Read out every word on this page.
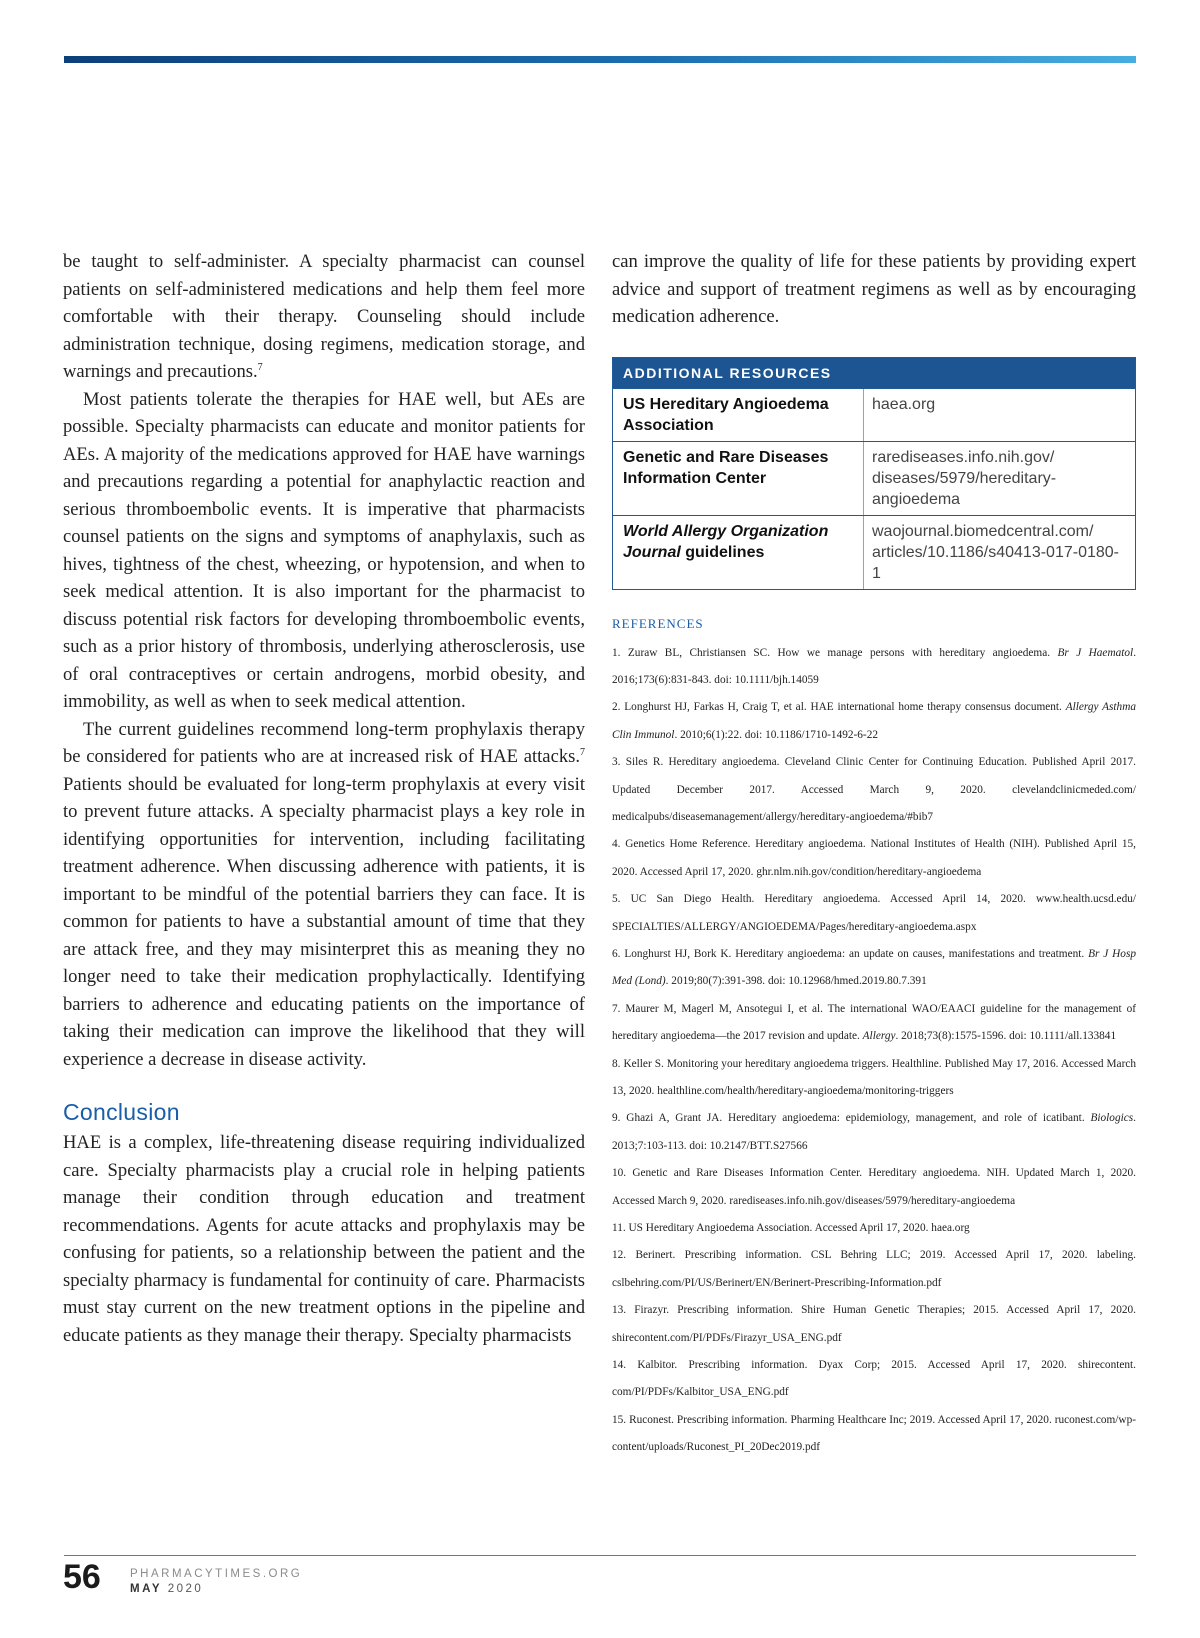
be taught to self-administer. A specialty pharmacist can counsel patients on self-administered medications and help them feel more comfortable with their therapy. Counseling should include administration technique, dosing regimens, medication storage, and warnings and precautions.$^7$

Most patients tolerate the therapies for HAE well, but AEs are possible. Specialty pharmacists can educate and monitor patients for AEs. A majority of the medications approved for HAE have warnings and precautions regarding a potential for anaphylactic reaction and serious thromboembolic events. It is imperative that pharmacists counsel patients on the signs and symptoms of anaphylaxis, such as hives, tightness of the chest, wheezing, or hypotension, and when to seek medical attention. It is also important for the pharmacist to discuss potential risk factors for developing thromboembolic events, such as a prior history of thrombosis, underlying atherosclerosis, use of oral contraceptives or certain androgens, morbid obesity, and immobility, as well as when to seek medical attention.

The current guidelines recommend long-term prophylaxis therapy be considered for patients who are at increased risk of HAE attacks.$^7$ Patients should be evaluated for long-term prophylaxis at every visit to prevent future attacks. A specialty pharmacist plays a key role in identifying opportunities for intervention, including facilitating treatment adherence. When discussing adherence with patients, it is important to be mindful of the potential barriers they can face. It is common for patients to have a substantial amount of time that they are attack free, and they may misinterpret this as meaning they no longer need to take their medication prophylactically. Identifying barriers to adherence and educating patients on the importance of taking their medication can improve the likelihood that they will experience a decrease in disease activity.

Conclusion

HAE is a complex, life-threatening disease requiring individualized care. Specialty pharmacists play a crucial role in helping patients manage their condition through education and treatment recommendations. Agents for acute attacks and prophylaxis may be confusing for patients, so a relationship between the patient and the specialty pharmacy is fundamental for continuity of care. Pharmacists must stay current on the new treatment options in the pipeline and educate patients as they manage their therapy. Specialty pharmacists

can improve the quality of life for these patients by providing expert advice and support of treatment regimens as well as by encouraging medication adherence.

ADDITIONAL RESOURCES
US Hereditary Angioedema Association
haea.org
Genetic and Rare Diseases Information Center
rarediseases.info.nih.gov/ diseases/5979/hereditary-angioedema
World Allergy Organization Journal guidelines
waojournal.biomedcentral.com/ articles/10.1186/s40413-017-0180-1
REFERENCES
1. Zuraw BL, Christiansen SC. How we manage persons with hereditary angioedema. Br J Haematol. 2016;173(6):831-843. doi: 10.1111/bjh.14059
2. Longhurst HJ, Farkas H, Craig T, et al. HAE international home therapy consensus document. Allergy Asthma Clin Immunol. 2010;6(1):22. doi: 10.1186/1710-1492-6-22
3. Siles R. Hereditary angioedema. Cleveland Clinic Center for Continuing Education. Published April 2017. Updated December 2017. Accessed March 9, 2020. clevelandclinicmeded.com/ medicalpubs/diseasemanagement/allergy/hereditary-angioedema/#bib7
4. Genetics Home Reference. Hereditary angioedema. National Institutes of Health (NIH). Published April 15, 2020. Accessed April 17, 2020. ghr.nlm.nih.gov/condition/hereditary-angioedema
5. UC San Diego Health. Hereditary angioedema. Accessed April 14, 2020. www.health.ucsd.edu/ SPECIALTIES/ALLERGY/ANGIOEDEMA/Pages/hereditary-angioedema.aspx
6. Longhurst HJ, Bork K. Hereditary angioedema: an update on causes, manifestations and treatment. Br J Hosp Med (Lond). 2019;80(7):391-398. doi: 10.12968/hmed.2019.80.7.391
7. Maurer M, Magerl M, Ansotegui I, et al. The international WAO/EAACI guideline for the management of hereditary angioedema—the 2017 revision and update. Allergy. 2018;73(8):1575-1596. doi: 10.1111/all.133841
8. Keller S. Monitoring your hereditary angioedema triggers. Healthline. Published May 17, 2016. Accessed March 13, 2020. healthline.com/health/hereditary-angioedema/monitoring-triggers
9. Ghazi A, Grant JA. Hereditary angioedema: epidemiology, management, and role of icatibant. Biologics. 2013;7:103-113. doi: 10.2147/BTT.S27566
10. Genetic and Rare Diseases Information Center. Hereditary angioedema. NIH. Updated March 1, 2020. Accessed March 9, 2020. rarediseases.info.nih.gov/diseases/5979/hereditary-angioedema
11. US Hereditary Angioedema Association. Accessed April 17, 2020. haea.org
12. Berinert. Prescribing information. CSL Behring LLC; 2019. Accessed April 17, 2020. labeling. cslbehring.com/PI/US/Berinert/EN/Berinert-Prescribing-Information.pdf
13. Firazyr. Prescribing information. Shire Human Genetic Therapies; 2015. Accessed April 17, 2020. shirecontent.com/PI/PDFs/Firazyr_USA_ENG.pdf
14. Kalbitor. Prescribing information. Dyax Corp; 2015. Accessed April 17, 2020. shirecontent. com/PI/PDFs/Kalbitor_USA_ENG.pdf
15. Ruconest. Prescribing information. Pharming Healthcare Inc; 2019. Accessed April 17, 2020. ruconest.com/wp-content/uploads/Ruconest_PI_20Dec2019.pdf
56	PHARMACYTIMES.ORG
MAY 2020
